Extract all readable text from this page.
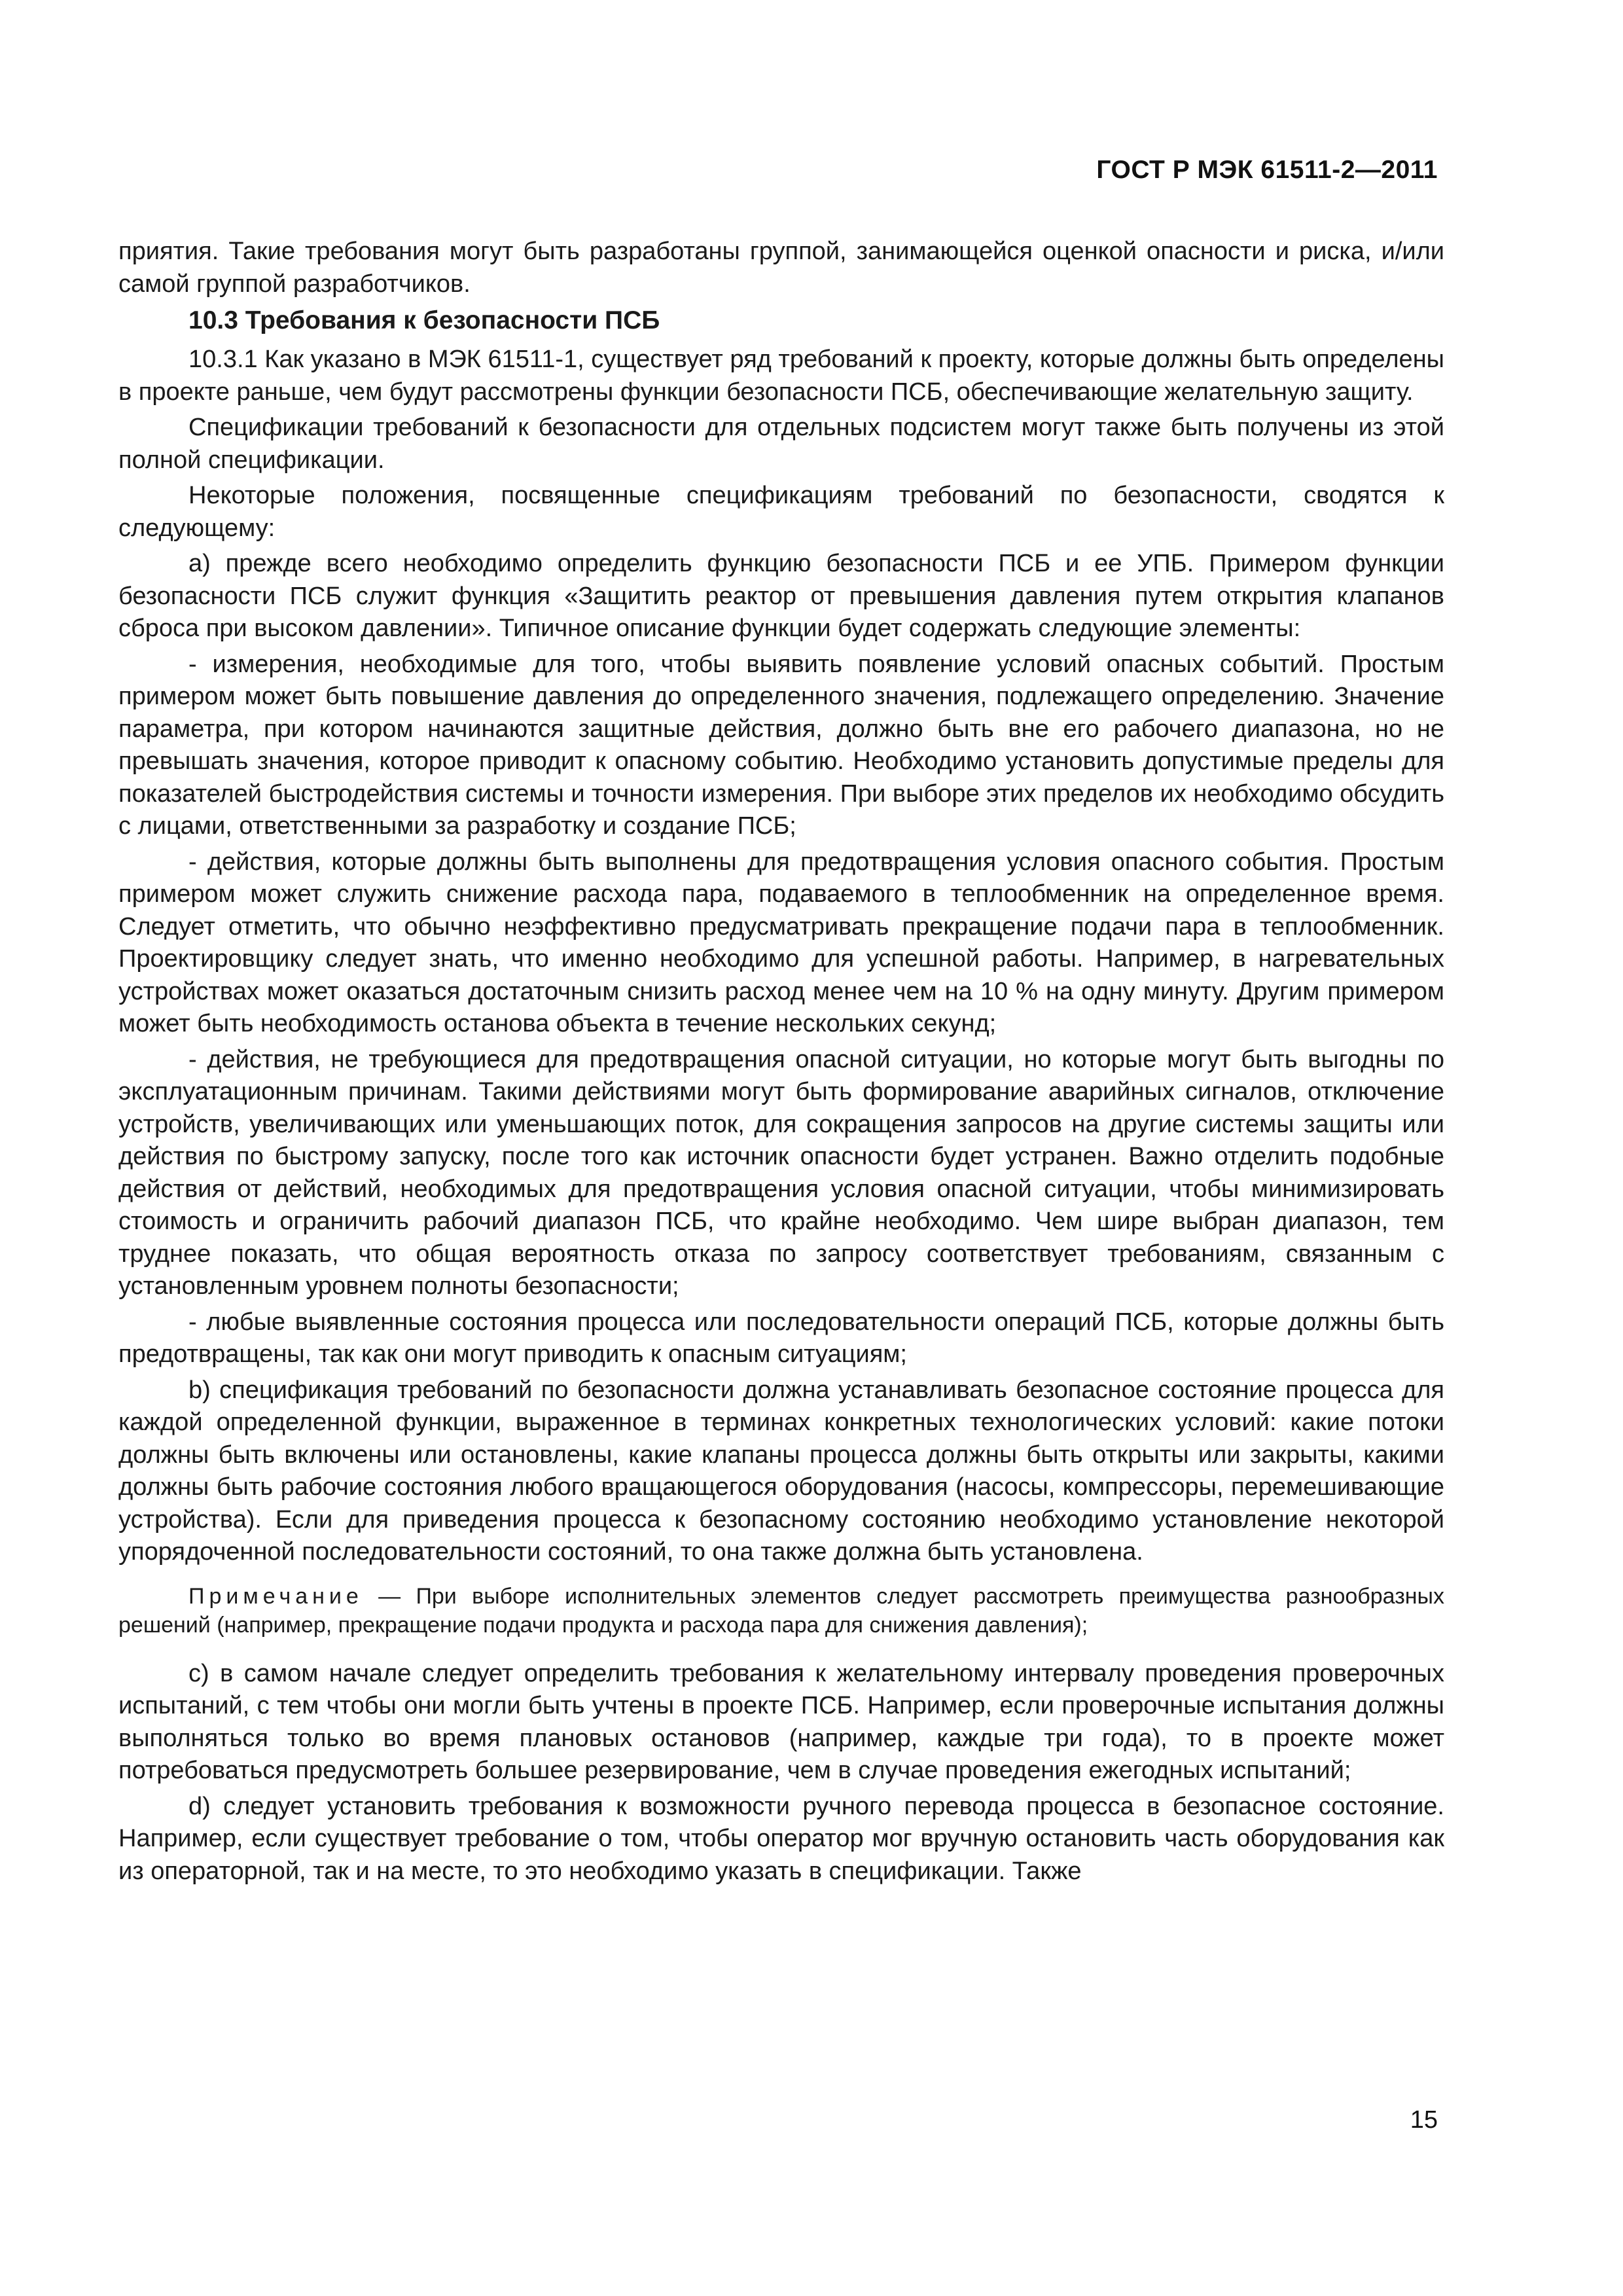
ГОСТ Р МЭК 61511-2—2011

приятия. Такие требования могут быть разработаны группой, занимающейся оценкой опасности и риска, и/или самой группой разработчиков.

10.3 Требования к безопасности ПСБ

10.3.1 Как указано в МЭК 61511-1, существует ряд требований к проекту, которые должны быть определены в проекте раньше, чем будут рассмотрены функции безопасности ПСБ, обеспечивающие желательную защиту.

Спецификации требований к безопасности для отдельных подсистем могут также быть получены из этой полной спецификации.

Некоторые положения, посвященные спецификациям требований по безопасности, сводятся к следующему:

a) прежде всего необходимо определить функцию безопасности ПСБ и ее УПБ. Примером функции безопасности ПСБ служит функция «Защитить реактор от превышения давления путем открытия клапанов сброса при высоком давлении». Типичное описание функции будет содержать следующие элементы:

- измерения, необходимые для того, чтобы выявить появление условий опасных событий. Простым примером может быть повышение давления до определенного значения, подлежащего определению. Значение параметра, при котором начинаются защитные действия, должно быть вне его рабочего диапазона, но не превышать значения, которое приводит к опасному событию. Необходимо установить допустимые пределы для показателей быстродействия системы и точности измерения. При выборе этих пределов их необходимо обсудить с лицами, ответственными за разработку и создание ПСБ;

- действия, которые должны быть выполнены для предотвращения условия опасного события. Простым примером может служить снижение расхода пара, подаваемого в теплообменник на определенное время. Следует отметить, что обычно неэффективно предусматривать прекращение подачи пара в теплообменник. Проектировщику следует знать, что именно необходимо для успешной работы. Например, в нагревательных устройствах может оказаться достаточным снизить расход менее чем на 10 % на одну минуту. Другим примером может быть необходимость останова объекта в течение нескольких секунд;

- действия, не требующиеся для предотвращения опасной ситуации, но которые могут быть выгодны по эксплуатационным причинам. Такими действиями могут быть формирование аварийных сигналов, отключение устройств, увеличивающих или уменьшающих поток, для сокращения запросов на другие системы защиты или действия по быстрому запуску, после того как источник опасности будет устранен. Важно отделить подобные действия от действий, необходимых для предотвращения условия опасной ситуации, чтобы минимизировать стоимость и ограничить рабочий диапазон ПСБ, что крайне необходимо. Чем шире выбран диапазон, тем труднее показать, что общая вероятность отказа по запросу соответствует требованиям, связанным с установленным уровнем полноты безопасности;

- любые выявленные состояния процесса или последовательности операций ПСБ, которые должны быть предотвращены, так как они могут приводить к опасным ситуациям;

b) спецификация требований по безопасности должна устанавливать безопасное состояние процесса для каждой определенной функции, выраженное в терминах конкретных технологических условий: какие потоки должны быть включены или остановлены, какие клапаны процесса должны быть открыты или закрыты, какими должны быть рабочие состояния любого вращающегося оборудования (насосы, компрессоры, перемешивающие устройства). Если для приведения процесса к безопасному состоянию необходимо установление некоторой упорядоченной последовательности состояний, то она также должна быть установлена.

Примечание — При выборе исполнительных элементов следует рассмотреть преимущества разнообразных решений (например, прекращение подачи продукта и расхода пара для снижения давления);

c) в самом начале следует определить требования к желательному интервалу проведения проверочных испытаний, с тем чтобы они могли быть учтены в проекте ПСБ. Например, если проверочные испытания должны выполняться только во время плановых остановов (например, каждые три года), то в проекте может потребоваться предусмотреть большее резервирование, чем в случае проведения ежегодных испытаний;

d) следует установить требования к возможности ручного перевода процесса в безопасное состояние. Например, если существует требование о том, чтобы оператор мог вручную остановить часть оборудования как из операторной, так и на месте, то это необходимо указать в спецификации. Также

15
